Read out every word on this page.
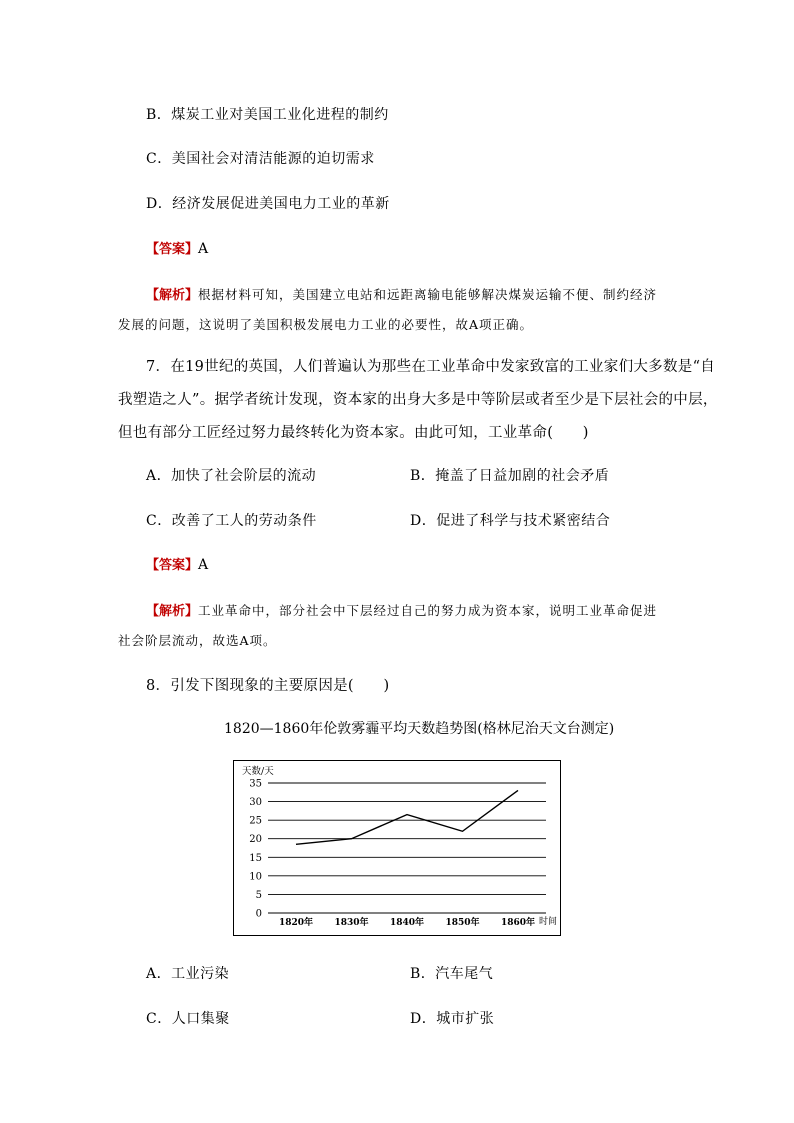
B．煤炭工业对美国工业化进程的制约
C．美国社会对清洁能源的迫切需求
D．经济发展促进美国电力工业的革新
【答案】A
【解析】根据材料可知，美国建立电站和远距离输电能够解决煤炭运输不便、制约经济
发展的问题，这说明了美国积极发展电力工业的必要性，故A项正确。
7．在19世纪的英国，人们普遍认为那些在工业革命中发家致富的工业家们大多数是“自
我塑造之人”。据学者统计发现，资本家的出身大多是中等阶层或者至少是下层社会的中层，
但也有部分工匠经过努力最终转化为资本家。由此可知，工业革命(　　)
A．加快了社会阶层的流动	B．掩盖了日益加剧的社会矛盾
C．改善了工人的劳动条件	D．促进了科学与技术紧密结合
【答案】A
【解析】工业革命中，部分社会中下层经过自己的努力成为资本家，说明工业革命促进
社会阶层流动，故选A项。
8．引发下图现象的主要原因是(　　)
1820—1860年伦敦雾霾平均天数趋势图(格林尼治天文台测定)
天数/天
时间
0
5
10
15
20
25
30
35
1820年 1830年 1840年 1850年 1860年
A．工业污染	B．汽车尾气
C．人口集聚	D．城市扩张
